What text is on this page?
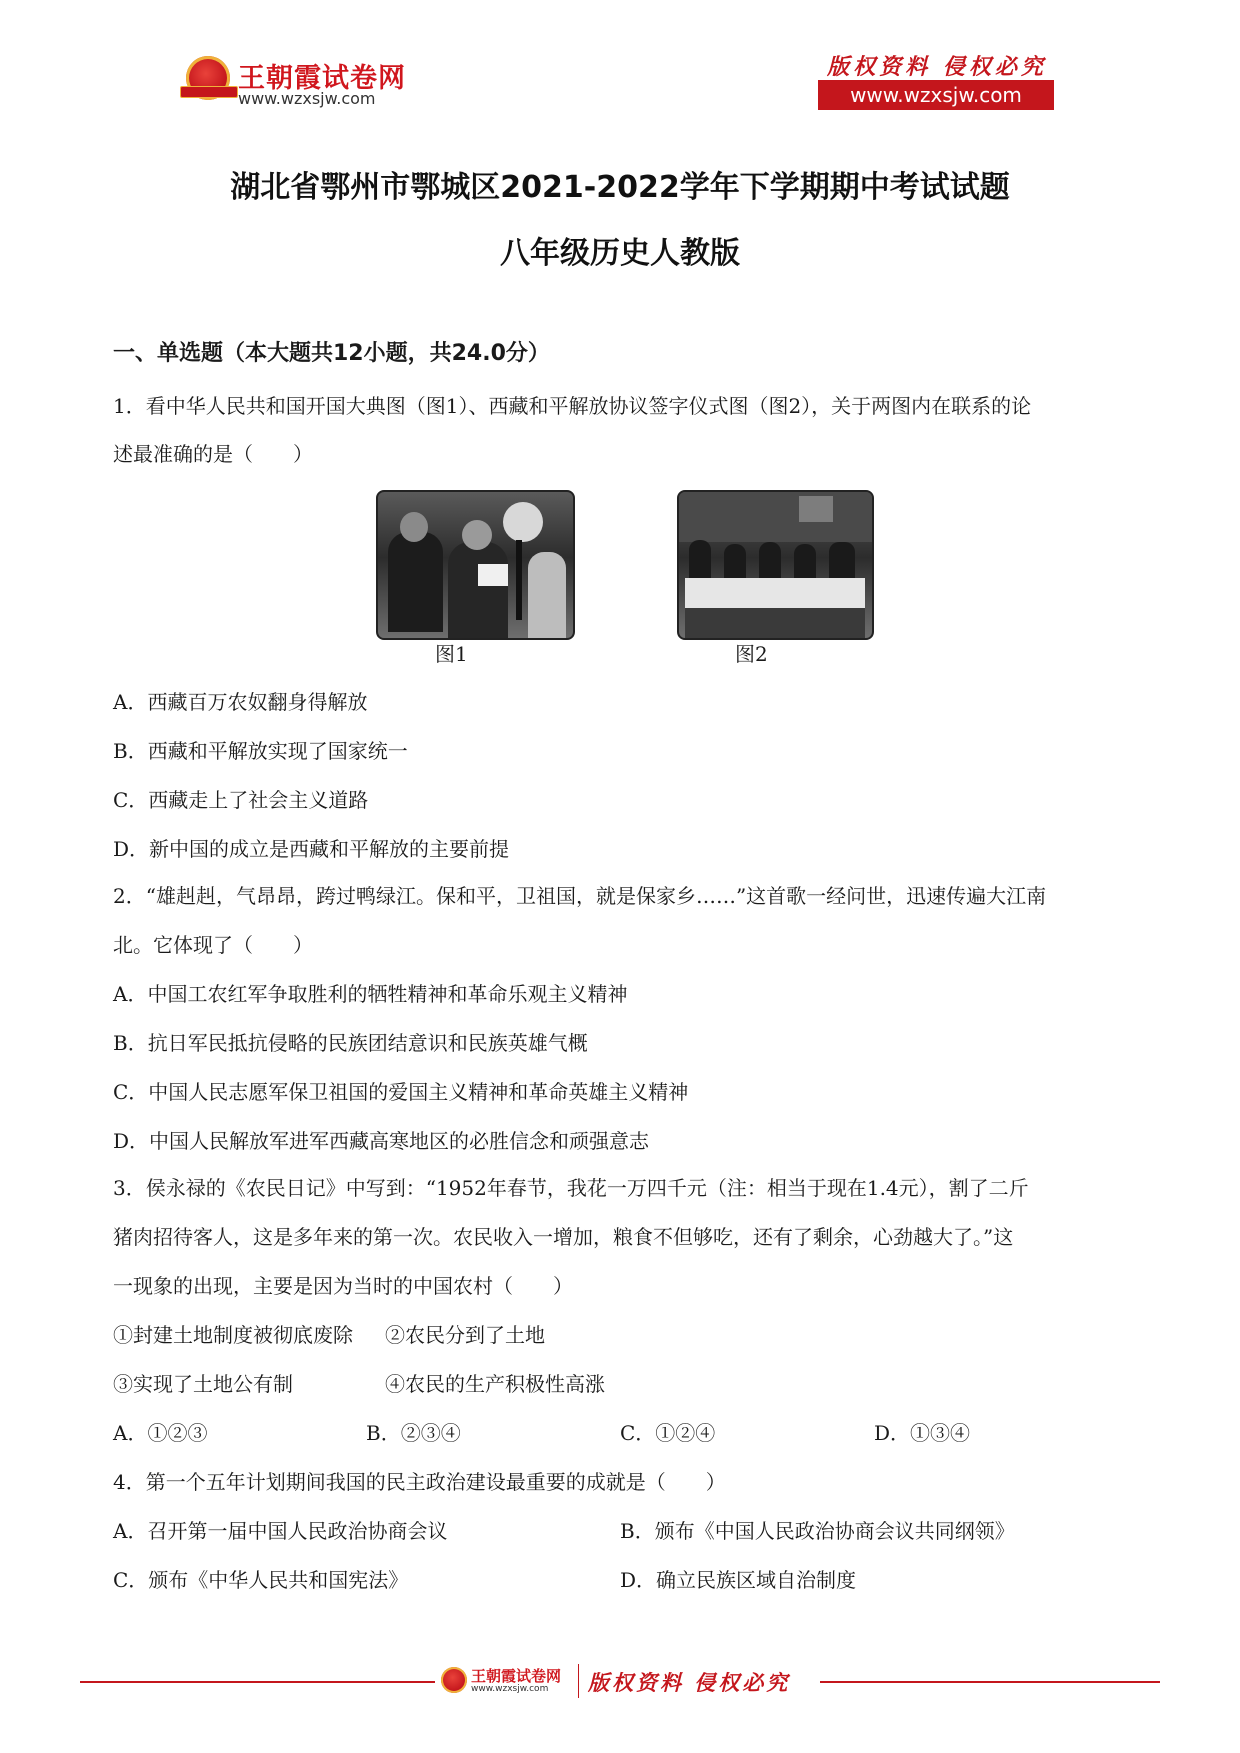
王朝霞试卷网
www.wzxsjw.com
版权资料 侵权必究
www.wzxsjw.com
湖北省鄂州市鄂城区2021-2022学年下学期期中考试试题
八年级历史人教版
一、单选题（本大题共12小题，共24.0分）
1．看中华人民共和国开国大典图（图1）、西藏和平解放协议签字仪式图（图2），关于两图内在联系的论
述最准确的是（　　）
图1	图2
A．西藏百万农奴翻身得解放
B．西藏和平解放实现了国家统一
C．西藏走上了社会主义道路
D．新中国的成立是西藏和平解放的主要前提
2．“雄赳赳，气昂昂，跨过鸭绿江。保和平，卫祖国，就是保家乡……”这首歌一经问世，迅速传遍大江南
北。它体现了（　　）
A．中国工农红军争取胜利的牺牲精神和革命乐观主义精神
B．抗日军民抵抗侵略的民族团结意识和民族英雄气概
C．中国人民志愿军保卫祖国的爱国主义精神和革命英雄主义精神
D．中国人民解放军进军西藏高寒地区的必胜信念和顽强意志
3．侯永禄的《农民日记》中写到：“1952年春节，我花一万四千元（注：相当于现在1.4元），割了二斤
猪肉招待客人，这是多年来的第一次。农民收入一增加，粮食不但够吃，还有了剩余，心劲越大了。”这
一现象的出现，主要是因为当时的中国农村（　　）
①封建土地制度被彻底废除 ②农民分到了土地
③实现了土地公有制	④农民的生产积极性高涨
A．①②③	B．②③④	C．①②④	D．①③④
4．第一个五年计划期间我国的民主政治建设最重要的成就是（　　）
A．召开第一届中国人民政治协商会议	B．颁布《中国人民政治协商会议共同纲领》
C．颁布《中华人民共和国宪法》	D．确立民族区域自治制度
王朝霞试卷网
www.wzxsjw.com 版权资料 侵权必究
